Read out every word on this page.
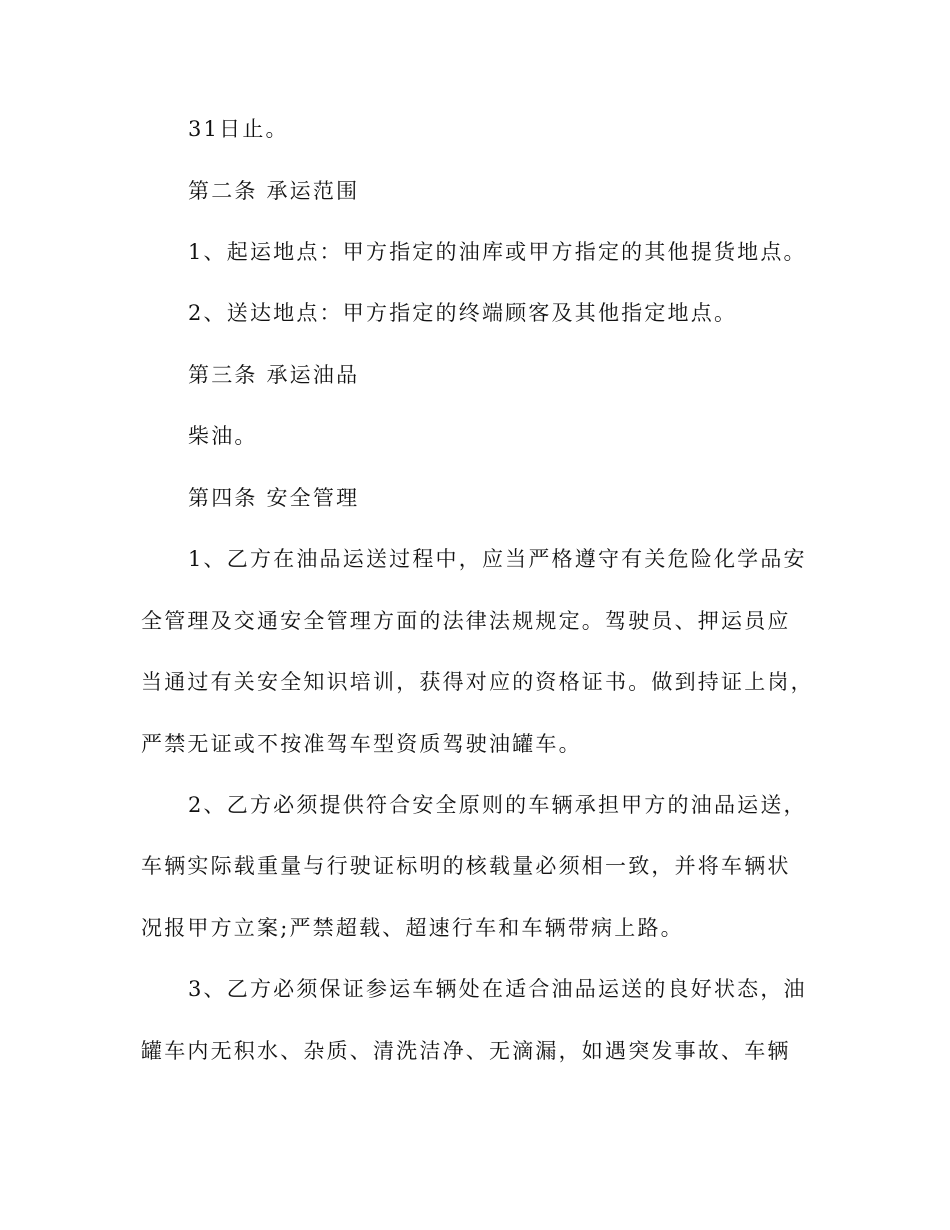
31日止。
第二条 承运范围
1、起运地点：甲方指定的油库或甲方指定的其他提货地点。
2、送达地点：甲方指定的终端顾客及其他指定地点。
第三条 承运油品
柴油。
第四条 安全管理
1、乙方在油品运送过程中，应当严格遵守有关危险化学品安
全管理及交通安全管理方面的法律法规规定。驾驶员、押运员应
当通过有关安全知识培训，获得对应的资格证书。做到持证上岗，
严禁无证或不按准驾车型资质驾驶油罐车。
2、乙方必须提供符合安全原则的车辆承担甲方的油品运送，
车辆实际载重量与行驶证标明的核载量必须相一致，并将车辆状
况报甲方立案;严禁超载、超速行车和车辆带病上路。
3、乙方必须保证参运车辆处在适合油品运送的良好状态，油
罐车内无积水、杂质、清洗洁净、无滴漏，如遇突发事故、车辆
